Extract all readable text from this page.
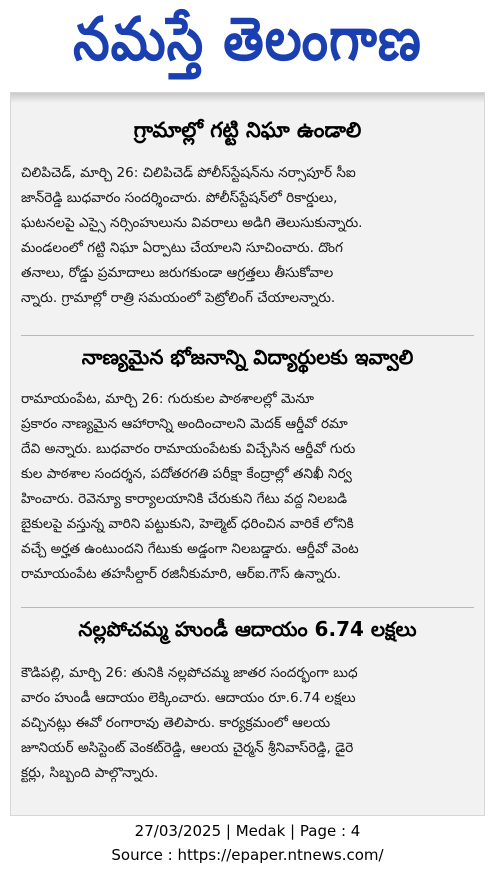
నమస్తే తెలంగాణ
గ్రామాల్లో గట్టి నిఘా ఉండాలి
చిలిపిచెడ్, మార్చి 26: చిలిపిచెడ్ పోలీస్‌స్టేషన్‌ను నర్సాపూర్ సీఐ
జాన్‌రెడ్డి బుధవారం సందర్శించారు. పోలీస్‌స్టేషన్‌లో రికార్డులు,
ఘటనలపై ఎస్సై నర్సింహులును వివరాలు అడిగి తెలుసుకున్నారు.
మండలంలో గట్టి నిఘా ఏర్పాటు చేయాలని సూచించారు. దొంగ
తనాలు, రోడ్డు ప్రమాదాలు జరుగకుండా ఆగ్రత్తలు తీసుకోవాల
న్నారు. గ్రామాల్లో రాత్రి సమయంలో పెట్రోలింగ్ చేయాలన్నారు.
నాణ్యమైన భోజనాన్ని విద్యార్థులకు ఇవ్వాలి
రామాయంపేట, మార్చి 26: గురుకుల పాఠశాలల్లో మెనూ
ప్రకారం నాణ్యమైన ఆహారాన్ని అందించాలని మెదక్ ఆర్డీవో రమా
దేవి అన్నారు. బుధవారం రామాయంపేటకు విచ్చేసిన ఆర్డీవో గురు
కుల పాఠశాల సందర్శన, పదోతరగతి పరీక్షా కేంద్రాల్లో తనిఖీ నిర్వ
హించారు. రెవెన్యూ కార్యాలయానికి చేరుకుని గేటు వద్ద నిలబడి
బైకులపై వస్తున్న వారిని పట్టుకుని, హెల్మెట్ ధరించిన వారికే లోనికి
వచ్చే అర్హత ఉంటుందని గేటుకు అడ్డంగా నిలబడ్డారు. ఆర్డీవో వెంట
రామాయంపేట తహసీల్దార్ రజినీకుమారి, ఆర్ఐ.గౌస్ ఉన్నారు.
నల్లపోచమ్మ హుండీ ఆదాయం 6.74 లక్షలు
కౌడిపల్లి, మార్చి 26: తునికి నల్లపోచమ్మ జాతర సందర్భంగా బుధ
వారం హుండీ ఆదాయం లెక్కించారు. ఆదాయం రూ.6.74 లక్షలు
వచ్చినట్లు ఈవో రంగారావు తెలిపారు. కార్యక్రమంలో ఆలయ
జూనియర్ అసిస్టెంట్ వెంకట్‌రెడ్డి, ఆలయ చైర్మన్ శ్రీనివాస్‌రెడ్డి, డైరె
క్టర్లు, సిబ్బంది పాల్గొన్నారు.
27/03/2025 | Medak | Page : 4
Source : https://epaper.ntnews.com/
